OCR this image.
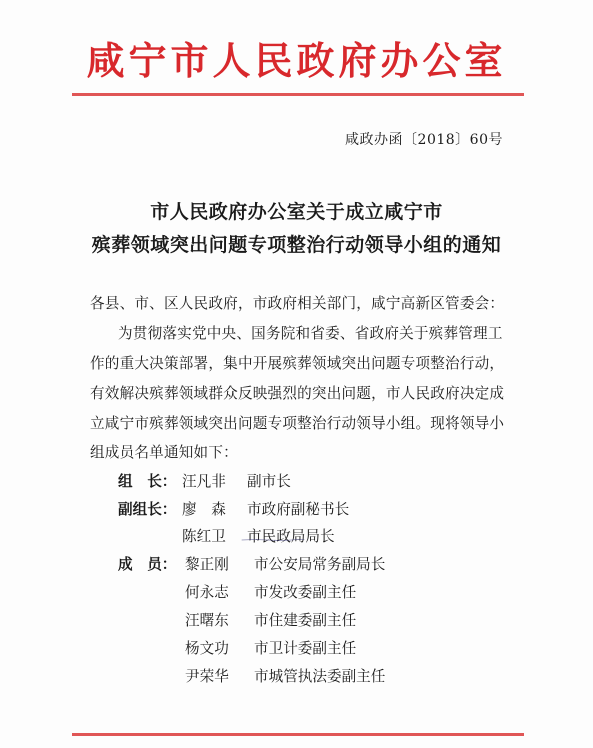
咸宁市人民政府办公室
咸政办函〔2018〕60号
市人民政府办公室关于成立咸宁市
殡葬领域突出问题专项整治行动领导小组的通知
各县、市、区人民政府，市政府相关部门，咸宁高新区管委会：
为贯彻落实党中央、国务院和省委、省政府关于殡葬管理工
作的重大决策部署，集中开展殡葬领域突出问题专项整治行动，
有效解决殡葬领域群众反映强烈的突出问题，市人民政府决定成
立咸宁市殡葬领域突出问题专项整治行动领导小组。现将领导小
组成员名单通知如下：
组　长： 汪凡非 副市长
副组长： 廖　森 市政府副秘书长
陈红卫 市民政局局长
成　员： 黎正刚 市公安局常务副局长
何永志 市发改委副主任
汪曙东 市住建委副主任
杨文功 市卫计委副主任
尹荣华 市城管执法委副主任
